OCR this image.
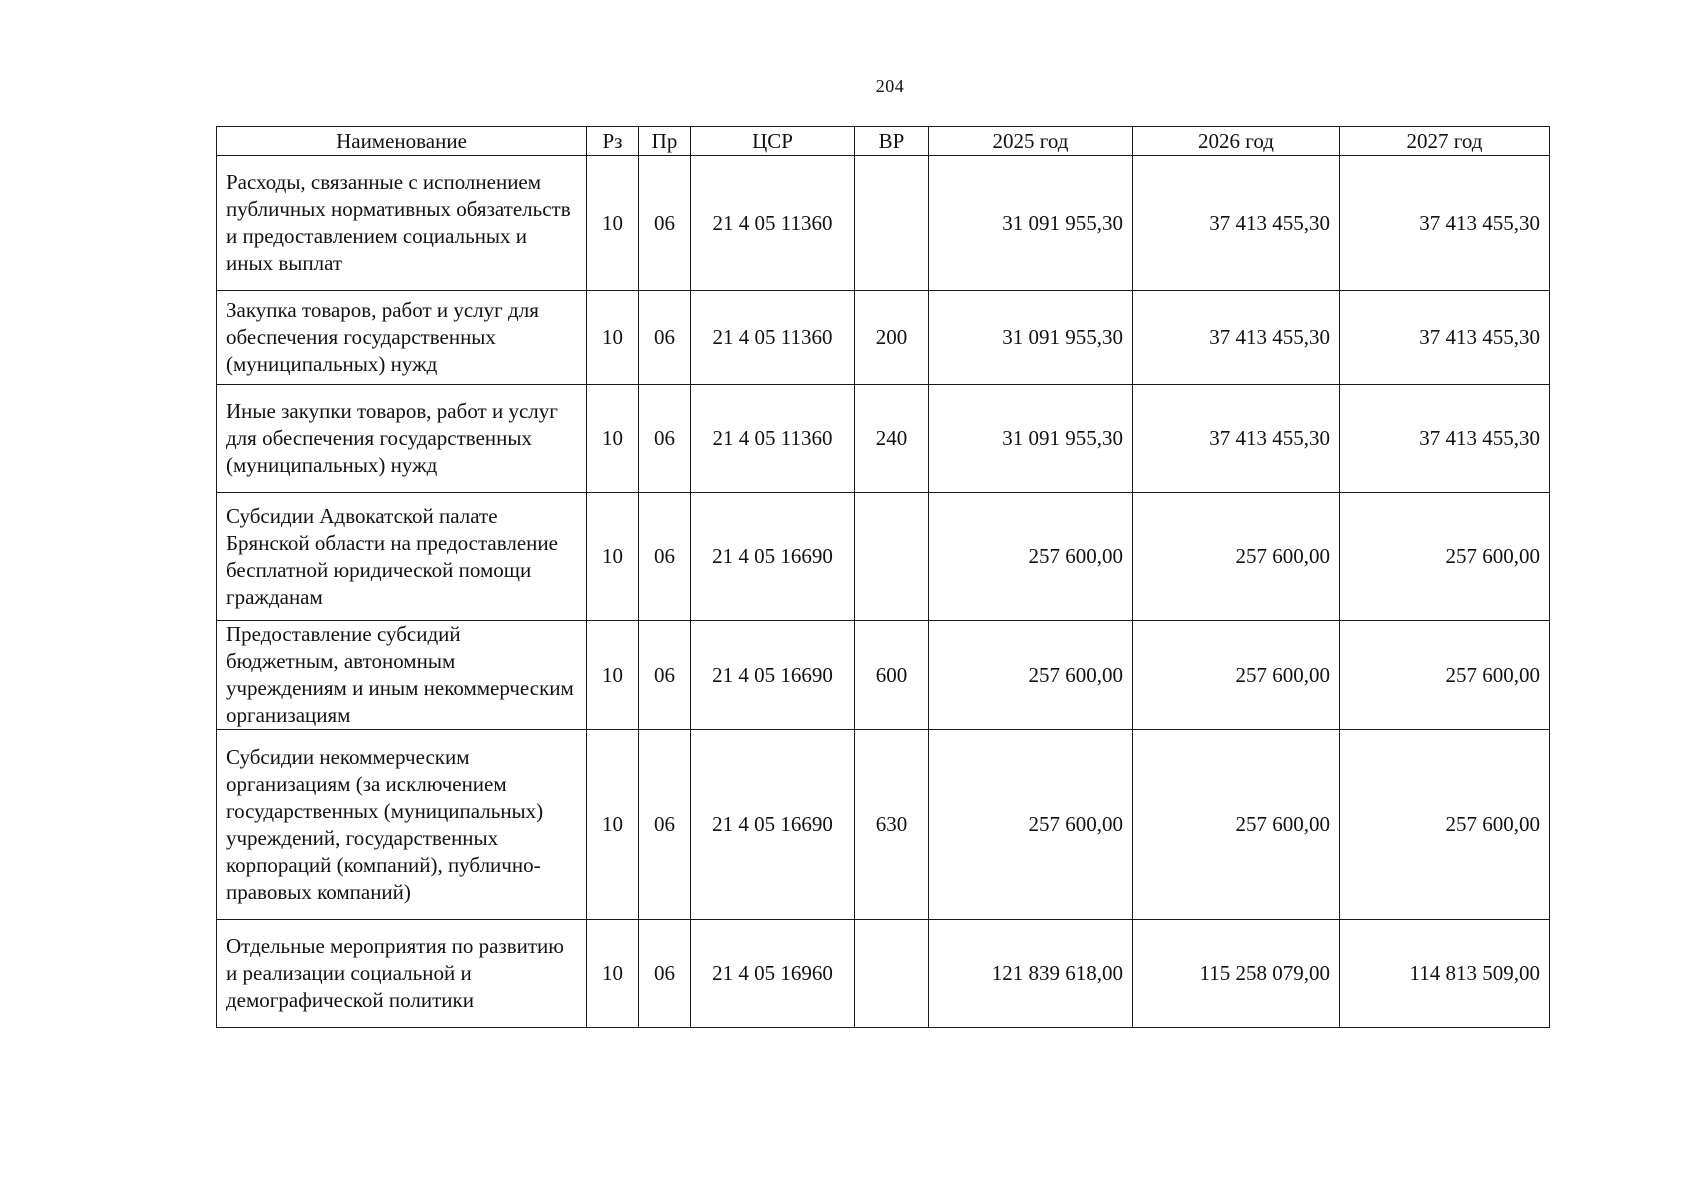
204
Наименование	Рз	Пр	ЦСР	ВР	2025 год	2026 год	2027 год
Расходы, связанные с исполнением публичных нормативных обязательств и предоставлением социальных и иных выплат	10	06	21 4 05 11360		31 091 955,30	37 413 455,30	37 413 455,30
Закупка товаров, работ и услуг для обеспечения государственных (муниципальных) нужд	10	06	21 4 05 11360	200	31 091 955,30	37 413 455,30	37 413 455,30
Иные закупки товаров, работ и услуг для обеспечения государственных (муниципальных) нужд	10	06	21 4 05 11360	240	31 091 955,30	37 413 455,30	37 413 455,30
Субсидии Адвокатской палате Брянской области на предоставление бесплатной юридической помощи гражданам	10	06	21 4 05 16690		257 600,00	257 600,00	257 600,00
Предоставление субсидий бюджетным, автономным учреждениям и иным некоммерческим организациям	10	06	21 4 05 16690	600	257 600,00	257 600,00	257 600,00
Субсидии некоммерческим организациям (за исключением государственных (муниципальных) учреждений, государственных корпораций (компаний), публично-правовых компаний)	10	06	21 4 05 16690	630	257 600,00	257 600,00	257 600,00
Отдельные мероприятия по развитию и реализации социальной и демографической политики	10	06	21 4 05 16960		121 839 618,00	115 258 079,00	114 813 509,00
